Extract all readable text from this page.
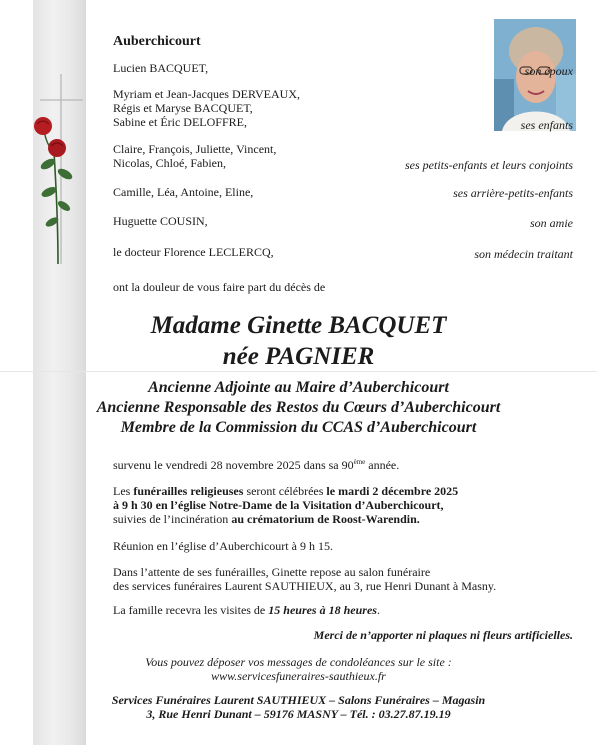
Auberchicourt
Lucien BACQUET,	son époux
Myriam et Jean-Jacques DERVEAUX,
Régis et Maryse BACQUET,
Sabine et Éric DELOFFRE,	ses enfants
Claire, François, Juliette, Vincent,
Nicolas, Chloé, Fabien,	ses petits-enfants et leurs conjoints
Camille, Léa, Antoine, Eline,	ses arrière-petits-enfants
Huguette COUSIN,	son amie
le docteur Florence LECLERCQ,	son médecin traitant
ont la douleur de vous faire part du décès de
Madame Ginette BACQUET
née PAGNIER
Ancienne Adjointe au Maire d’Auberchicourt
Ancienne Responsable des Restos du Cœurs d’Auberchicourt
Membre de la Commission du CCAS d’Auberchicourt
survenu le vendredi 28 novembre 2025 dans sa 90ème année.
Les funérailles religieuses seront célébrées le mardi 2 décembre 2025
à 9 h 30 en l’église Notre-Dame de la Visitation d’Auberchicourt,
suivies de l’incinération au crématorium de Roost-Warendin.
Réunion en l’église d’Auberchicourt à 9 h 15.
Dans l’attente de ses funérailles, Ginette repose au salon funéraire
des services funéraires Laurent SAUTHIEUX, au 3, rue Henri Dunant à Masny.
La famille recevra les visites de 15 heures à 18 heures.
Merci de n’apporter ni plaques ni fleurs artificielles.
Vous pouvez déposer vos messages de condoléances sur le site :
www.servicesfuneraires-sauthieux.fr
Services Funéraires Laurent SAUTHIEUX – Salons Funéraires – Magasin
3, Rue Henri Dunant – 59176 MASNY – Tél. : 03.27.87.19.19
